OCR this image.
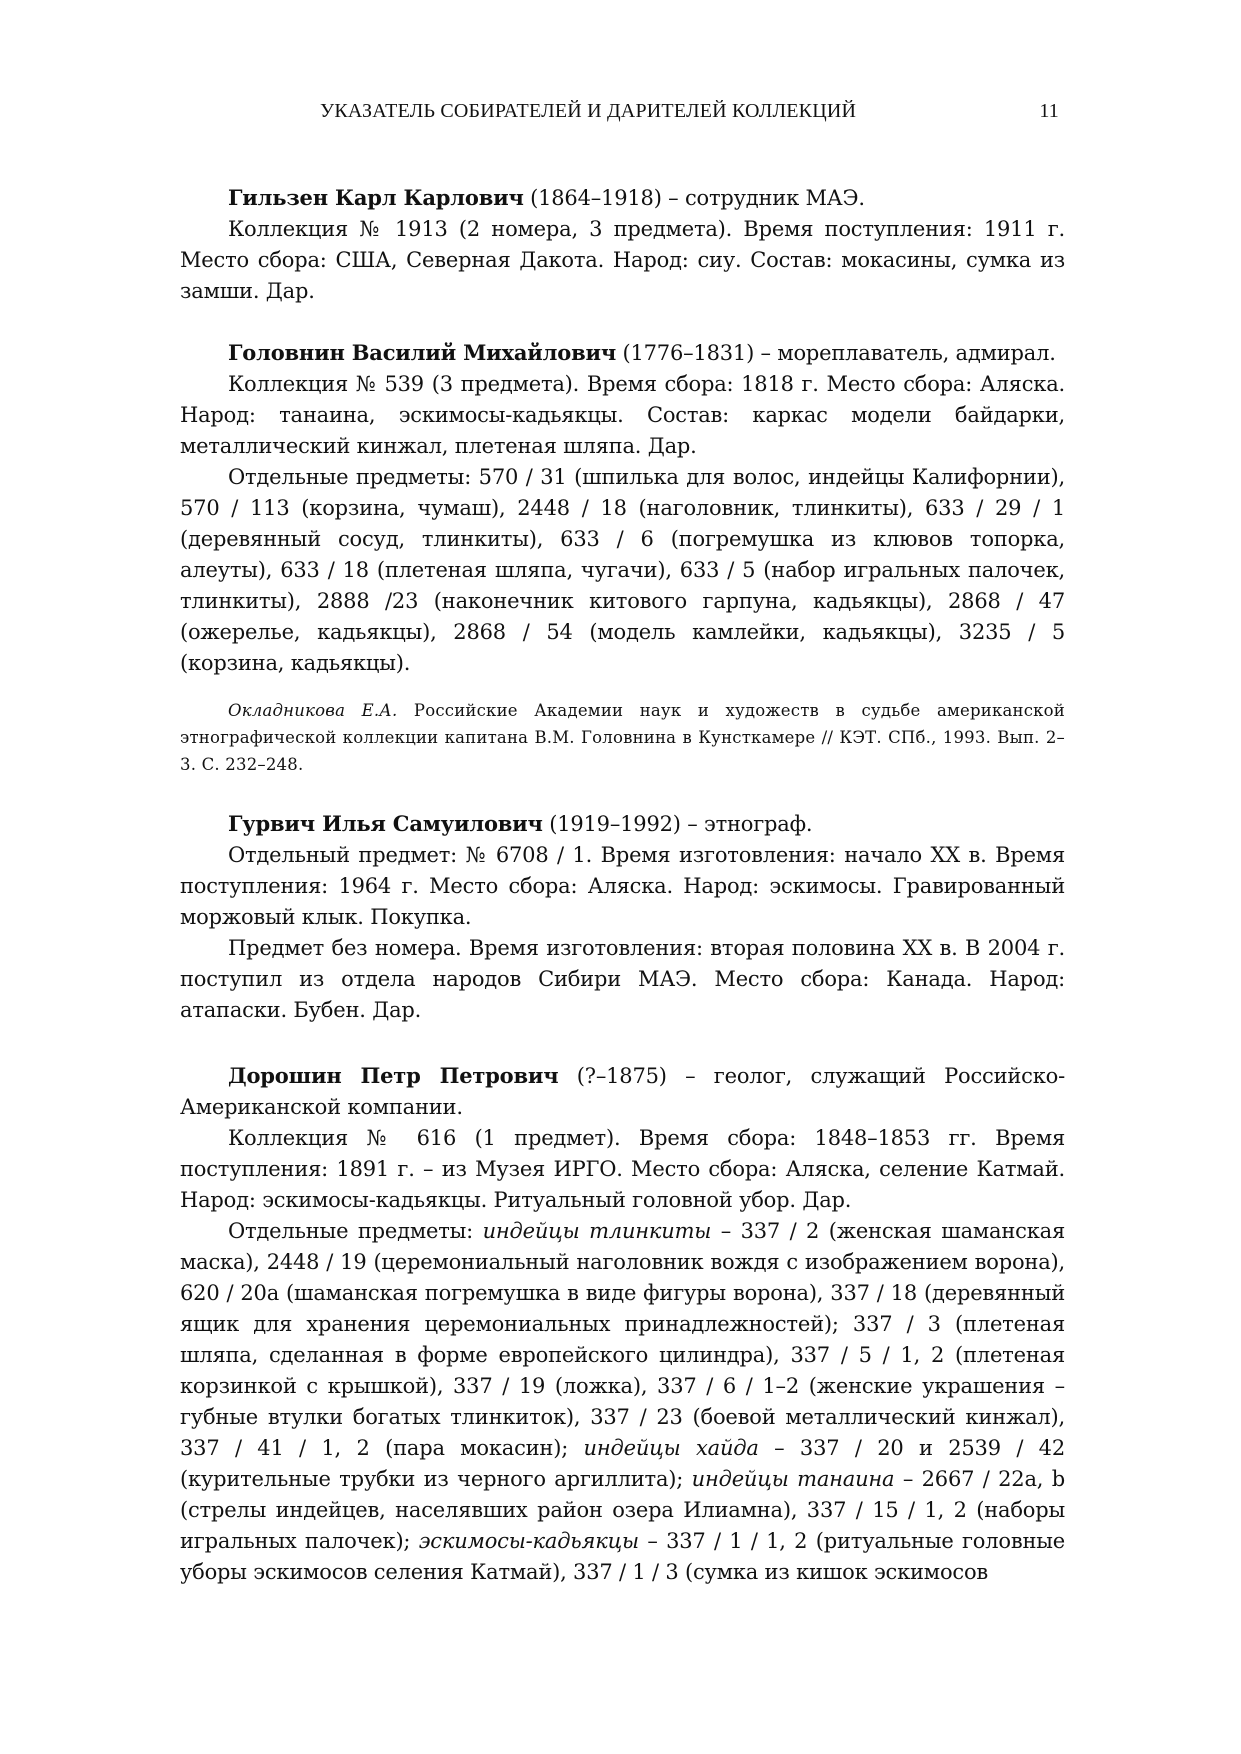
УКАЗАТЕЛЬ СОБИРАТЕЛЕЙ И ДАРИТЕЛЕЙ КОЛЛЕКЦИЙ	11

Гильзен Карл Карлович (1864–1918) – сотрудник МАЭ.

Коллекция № 1913 (2 номера, 3 предмета). Время поступления: 1911 г. Место сбора: США, Северная Дакота. Народ: сиу. Состав: мокасины, сумка из замши. Дар.

Головнин Василий Михайлович (1776–1831) – мореплаватель, адмирал.

Коллекция № 539 (3 предмета). Время сбора: 1818 г. Место сбора: Аляска. Народ: танаина, эскимосы-кадьякцы. Состав: каркас модели байдарки, металлический кинжал, плетеная шляпа. Дар.

Отдельные предметы: 570 / 31 (шпилька для волос, индейцы Калифорнии), 570 / 113 (корзина, чумаш), 2448 / 18 (наголовник, тлинкиты), 633 / 29 / 1 (деревянный сосуд, тлинкиты), 633 / 6 (погремушка из клювов топорка, алеуты), 633 / 18 (плетеная шляпа, чугачи), 633 / 5 (набор игральных палочек, тлинкиты), 2888 /23 (наконечник китового гарпуна, кадьякцы), 2868 / 47 (ожерелье, кадьякцы), 2868 / 54 (модель камлейки, кадьякцы), 3235 / 5 (корзина, кадьякцы).

Окладникова Е.А. Российские Академии наук и художеств в судьбе американской этнографической коллекции капитана В.М. Головнина в Кунсткамере // КЭТ. СПб., 1993. Вып. 2–3. С. 232–248.

Гурвич Илья Самуилович (1919–1992) – этнограф.

Отдельный предмет: № 6708 / 1. Время изготовления: начало XX в. Время поступления: 1964 г. Место сбора: Аляска. Народ: эскимосы. Гравированный моржовый клык. Покупка.

Предмет без номера. Время изготовления: вторая половина XX в. В 2004 г. поступил из отдела народов Сибири МАЭ. Место сбора: Канада. Народ: атапаски. Бубен. Дар.

Дорошин Петр Петрович (?–1875) – геолог, служащий Российско-Американской компании.

Коллекция № 616 (1 предмет). Время сбора: 1848–1853 гг. Время поступления: 1891 г. – из Музея ИРГО. Место сбора: Аляска, селение Катмай. Народ: эскимосы-кадьякцы. Ритуальный головной убор. Дар.

Отдельные предметы: индейцы тлинкиты – 337 / 2 (женская шаманская маска), 2448 / 19 (церемониальный наголовник вождя с изображением ворона), 620 / 20а (шаманская погремушка в виде фигуры ворона), 337 / 18 (деревянный ящик для хранения церемониальных принадлежностей); 337 / 3 (плетеная шляпа, сделанная в форме европейского цилиндра), 337 / 5 / 1, 2 (плетеная корзинкой с крышкой), 337 / 19 (ложка), 337 / 6 / 1–2 (женские украшения – губные втулки богатых тлинкиток), 337 / 23 (боевой металлический кинжал), 337 / 41 / 1, 2 (пара мокасин); индейцы хайда – 337 / 20 и 2539 / 42 (курительные трубки из черного аргиллита); индейцы танаина – 2667 / 22а, b (стрелы индейцев, населявших район озера Илиамна), 337 / 15 / 1, 2 (наборы игральных палочек); эскимосы-кадьякцы – 337 / 1 / 1, 2 (ритуальные головные уборы эскимосов селения Катмай), 337 / 1 / 3 (сумка из кишок эскимосов
